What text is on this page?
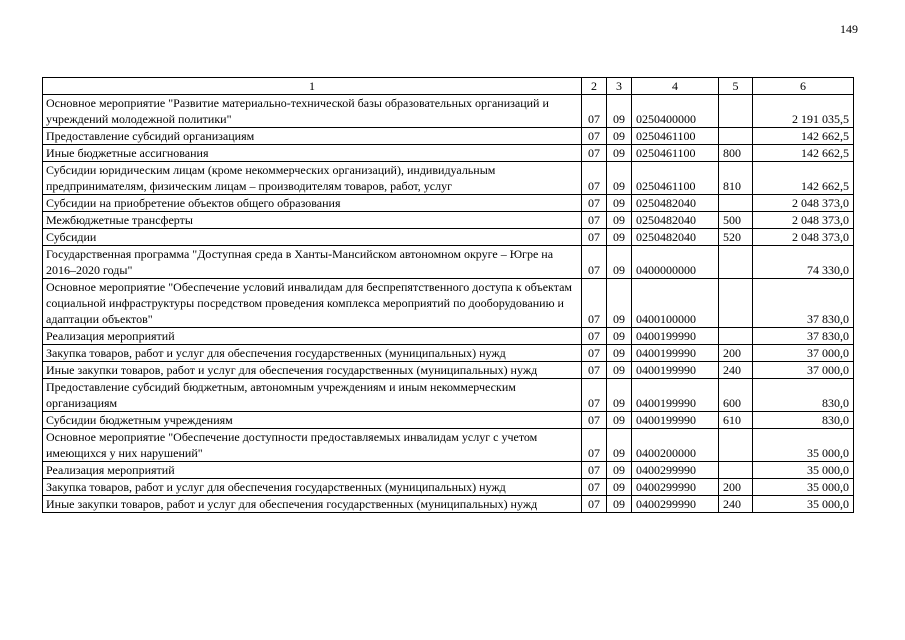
149
1	2	3	4	5	6
Основное мероприятие "Развитие материально-технической базы образовательных организаций и учреждений молодежной политики"	07	09	0250400000		2 191 035,5
Предоставление субсидий организациям	07	09	0250461100		142 662,5
Иные бюджетные ассигнования	07	09	0250461100	800	142 662,5
Субсидии юридическим лицам (кроме некоммерческих организаций), индивидуальным предпринимателям, физическим лицам – производителям товаров, работ, услуг	07	09	0250461100	810	142 662,5
Субсидии на приобретение объектов общего образования	07	09	0250482040		2 048 373,0
Межбюджетные трансферты	07	09	0250482040	500	2 048 373,0
Субсидии	07	09	0250482040	520	2 048 373,0
Государственная программа "Доступная среда в Ханты-Мансийском автономном округе – Югре на 2016–2020 годы"	07	09	0400000000		74 330,0
Основное мероприятие "Обеспечение условий инвалидам для беспрепятственного доступа к объектам социальной инфраструктуры посредством проведения комплекса мероприятий по дооборудованию и адаптации объектов"	07	09	0400100000		37 830,0
Реализация мероприятий	07	09	0400199990		37 830,0
Закупка товаров, работ и услуг для обеспечения государственных (муниципальных) нужд	07	09	0400199990	200	37 000,0
Иные закупки товаров, работ и услуг для обеспечения государственных (муниципальных) нужд	07	09	0400199990	240	37 000,0
Предоставление субсидий бюджетным, автономным учреждениям и иным некоммерческим организациям	07	09	0400199990	600	830,0
Субсидии бюджетным учреждениям	07	09	0400199990	610	830,0
Основное мероприятие "Обеспечение доступности предоставляемых инвалидам услуг с учетом имеющихся у них нарушений"	07	09	0400200000		35 000,0
Реализация мероприятий	07	09	0400299990		35 000,0
Закупка товаров, работ и услуг для обеспечения государственных (муниципальных) нужд	07	09	0400299990	200	35 000,0
Иные закупки товаров, работ и услуг для обеспечения государственных (муниципальных) нужд	07	09	0400299990	240	35 000,0
